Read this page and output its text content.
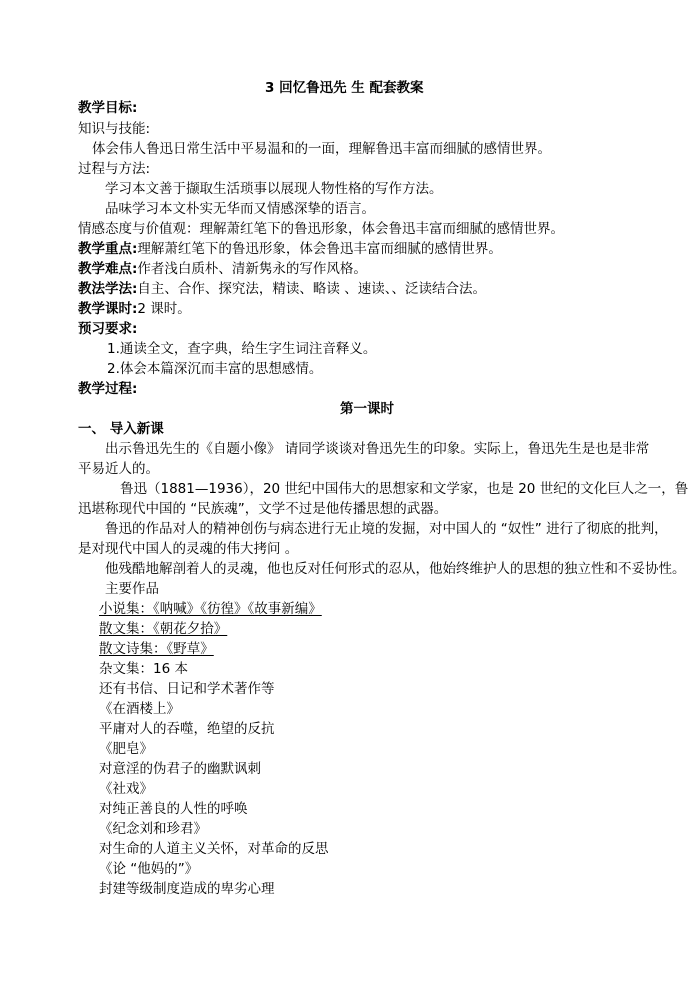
3 回忆鲁迅先 生 配套教案
教学目标:
知识与技能:
体会伟人鲁迅日常生活中平易温和的一面，理解鲁迅丰富而细腻的感情世界。
过程与方法:
学习本文善于撷取生活琐事以展现人物性格的写作方法。
品味学习本文朴实无华而又情感深挚的语言。
情感态度与价值观：理解萧红笔下的鲁迅形象，体会鲁迅丰富而细腻的感情世界。
教学重点:理解萧红笔下的鲁迅形象，体会鲁迅丰富而细腻的感情世界。
教学难点:作者浅白质朴、清新隽永的写作风格。
教法学法:自主、合作、探究法，精读、略读 、速读、、泛读结合法。
教学课时:2 课时。
预习要求:
1.通读全文，查字典，给生字生词注音释义。
2.体会本篇深沉而丰富的思想感情。
教学过程:
第一课时
一、 导入新课
出示鲁迅先生的《自题小像》 请同学谈谈对鲁迅先生的印象。实际上，鲁迅先生是也是非常
平易近人的。
鲁迅（1881—1936），20 世纪中国伟大的思想家和文学家，也是 20 世纪的文化巨人之一，鲁
迅堪称现代中国的 “民族魂”，文学不过是他传播思想的武器。
鲁迅的作品对人的精神创伤与病态进行无止境的发掘，对中国人的 “奴性” 进行了彻底的批判，
是对现代中国人的灵魂的伟大拷问 。
他残酷地解剖着人的灵魂，他也反对任何形式的忍从，他始终维护人的思想的独立性和不妥协性。
主要作品
小说集：《呐喊》《彷徨》《故事新编》
散文集：《朝花夕拾》
散文诗集：《野草》
杂文集：16 本
还有书信、日记和学术著作等
《在酒楼上》
平庸对人的吞噬，绝望的反抗
《肥皂》
对意淫的伪君子的幽默讽刺
《社戏》
对纯正善良的人性的呼唤
《纪念刘和珍君》
对生命的人道主义关怀，对革命的反思
《论 “他妈的”》
封建等级制度造成的卑劣心理
